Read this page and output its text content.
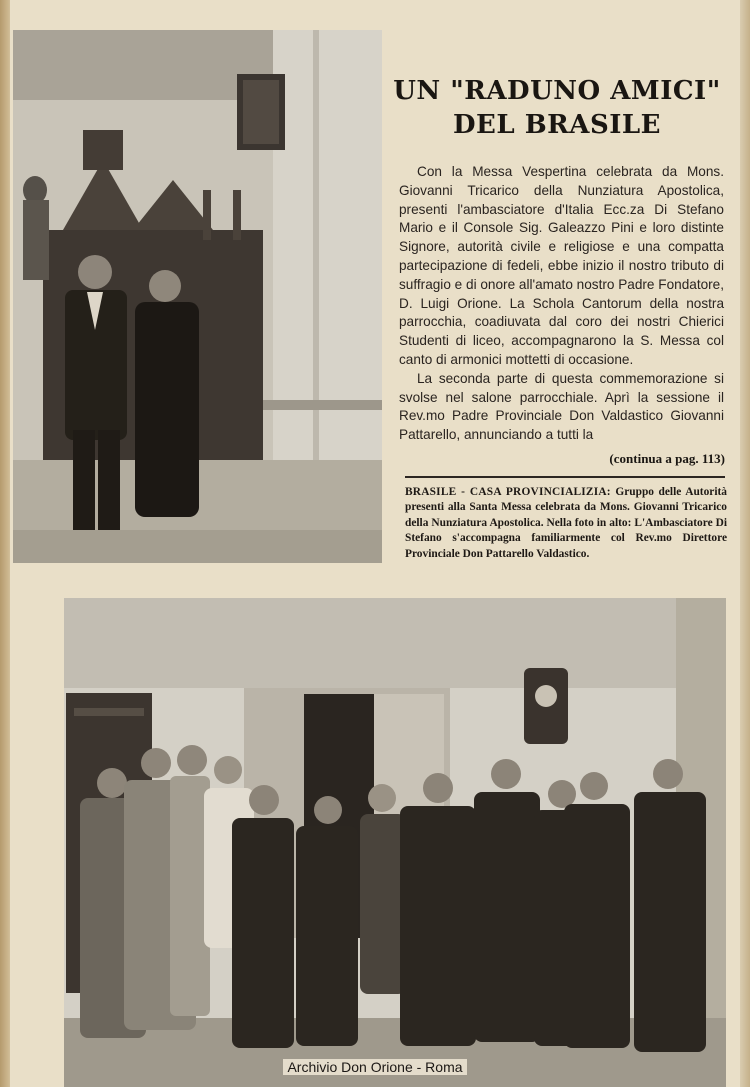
UN "RADUNO AMICI"
DEL BRASILE

Con la Messa Vespertina celebrata da Mons. Giovanni Tricarico della Nunziatura Apostolica, presenti l'ambasciatore d'Italia Ecc.za Di Stefano Mario e il Console Sig. Galeazzo Pini e loro distinte Signore, autorità civile e religiose e una compatta partecipazione di fedeli, ebbe inizio il nostro tributo di suffragio e di onore all'amato nostro Padre Fondatore, D. Luigi Orione. La Schola Cantorum della nostra parrocchia, coadiuvata dal coro dei nostri Chierici Studenti di liceo, accompagnarono la S. Messa col canto di armonici mottetti di occasione.

La seconda parte di questa commemorazione si svolse nel salone parrocchiale. Aprì la sessione il Rev.mo Padre Provinciale Don Valdastico Giovanni Pattarello, annunciando a tutti la

(continua a pag. 113)
BRASILE - CASA PROVINCIALIZIA: Gruppo delle Autorità presenti alla Santa Messa celebrata da Mons. Giovanni Tricarico della Nunziatura Apostolica. Nella foto in alto: L'Ambasciatore Di Stefano s'accompagna familiarmente col Rev.mo Direttore Provinciale Don Pattarello Valdastico.
Archivio Don Orione - Roma
